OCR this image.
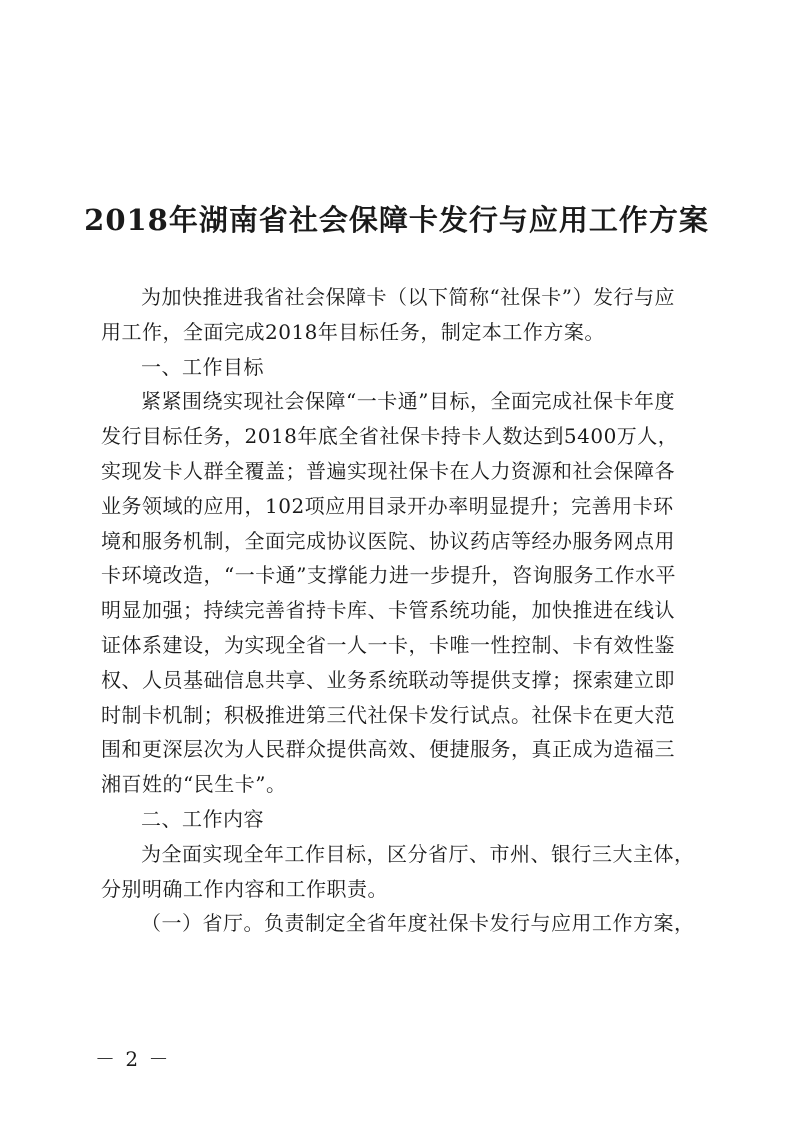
2018年湖南省社会保障卡发行与应用工作方案
为加快推进我省社会保障卡（以下简称“社保卡”）发行与应
用工作，全面完成2018年目标任务，制定本工作方案。
一、工作目标
紧紧围绕实现社会保障“一卡通”目标，全面完成社保卡年度
发行目标任务，2018年底全省社保卡持卡人数达到5400万人，
实现发卡人群全覆盖；普遍实现社保卡在人力资源和社会保障各
业务领域的应用，102项应用目录开办率明显提升；完善用卡环
境和服务机制，全面完成协议医院、协议药店等经办服务网点用
卡环境改造，“一卡通”支撑能力进一步提升，咨询服务工作水平
明显加强；持续完善省持卡库、卡管系统功能，加快推进在线认
证体系建设，为实现全省一人一卡，卡唯一性控制、卡有效性鉴
权、人员基础信息共享、业务系统联动等提供支撑；探索建立即
时制卡机制；积极推进第三代社保卡发行试点。社保卡在更大范
围和更深层次为人民群众提供高效、便捷服务，真正成为造福三
湘百姓的“民生卡”。
二、工作内容
为全面实现全年工作目标，区分省厅、市州、银行三大主体，
分别明确工作内容和工作职责。
（一）省厅。负责制定全省年度社保卡发行与应用工作方案，
－ 2 －
